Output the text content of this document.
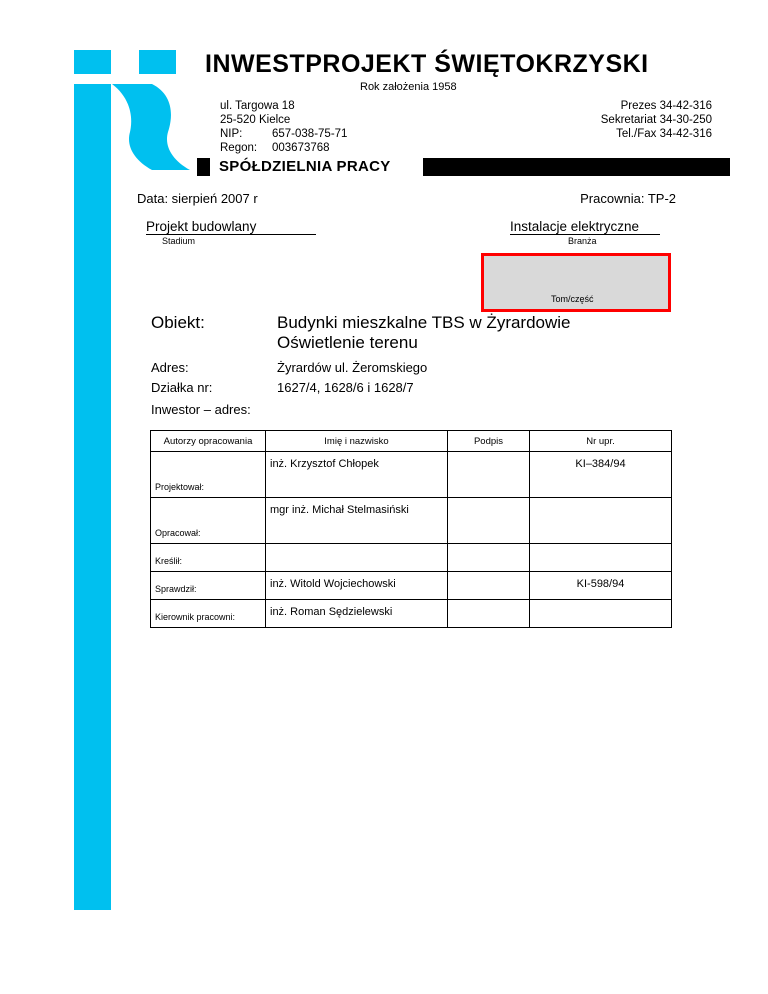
INWESTPROJEKT ŚWIĘTOKRZYSKI
Rok założenia 1958
ul. Targowa 18
25-520 Kielce
NIP:	657-038-75-71
Regon: 003673768
Prezes 34-42-316
Sekretariat 34-30-250
Tel./Fax 34-42-316
SPÓŁDZIELNIA PRACY
Data: sierpień 2007 r	Pracownia: TP-2
Projekt budowlany
Stadium
Instalacje elektryczne
Branża
Tom/część
Obiekt:	Budynki mieszkalne TBS w Żyrardowie
Oświetlenie terenu
Adres:	Żyrardów ul. Żeromskiego
Działka nr:	1627/4, 1628/6 i 1628/7
Inwestor – adres:
Autorzy opracowania	Imię i nazwisko	Podpis	Nr upr.
Projektował:	inż. Krzysztof Chłopek		KI–384/94
Opracował:	mgr inż. Michał Stelmasiński		
Kreślił:			
Sprawdził:	inż. Witold Wojciechowski		KI-598/94
Kierownik pracowni:	inż. Roman Sędzielewski		
